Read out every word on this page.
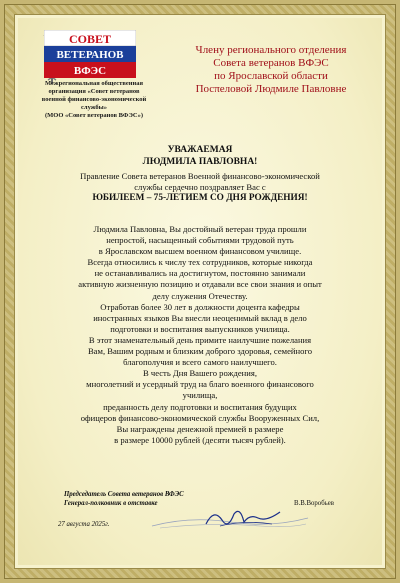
СОВЕТ
ВЕТЕРАНОВ
ВФЭС
Межрегиональная общественная
организация «Совет ветеранов
военной финансово-экономической
службы»
(МОО «Совет ветеранов ВФЭС»)
Члену регионального отделения
Совета ветеранов ВФЭС
по Ярославской области
Посπеловой Людмиле Павловне
УВАЖАЕМАЯ
ЛЮДМИЛА ПАВЛОВНА!
Правление Совета ветеранов Военной финансово-экономической
службы сердечно поздравляет Вас с
ЮБИЛЕЕМ – 75-ЛЕТИЕМ СО ДНЯ РОЖДЕНИЯ!
Людмила Павловна, Вы достойный ветеран труда прошли
непростой, насыщенный событиями трудовой путь
в Ярославском высшем военном финансовом училище.
Всегда относились к числу тех сотрудников, которые никогда
не останавливались на достигнутом, постоянно занимали
активную жизненную позицию и отдавали все свои знания и опыт
делу служения Отечеству.
Отработав более 30 лет в должности доцента кафедры
иностранных языков Вы внесли неоценимый вклад в дело
подготовки и воспитания выпускников училища.
В этот знаменательный день примите наилучшие пожелания
Вам, Вашим родным и близким доброго здоровья, семейного
благополучия и всего самого наилучшего.
В честь Дня Вашего рождения,
многолетний и усердный труд на благо военного финансового
училища,
преданность делу подготовки и воспитания будущих
офицеров финансово-экономической службы Вооруженных Сил,
Вы награждены денежной премией в размере
в размере 10000 рублей (десяти тысяч рублей).
Председатель Совета ветеранов ВФЭС
Генерал-полковник в отставке	В.В.Воробьев
27 августа 2025г.
